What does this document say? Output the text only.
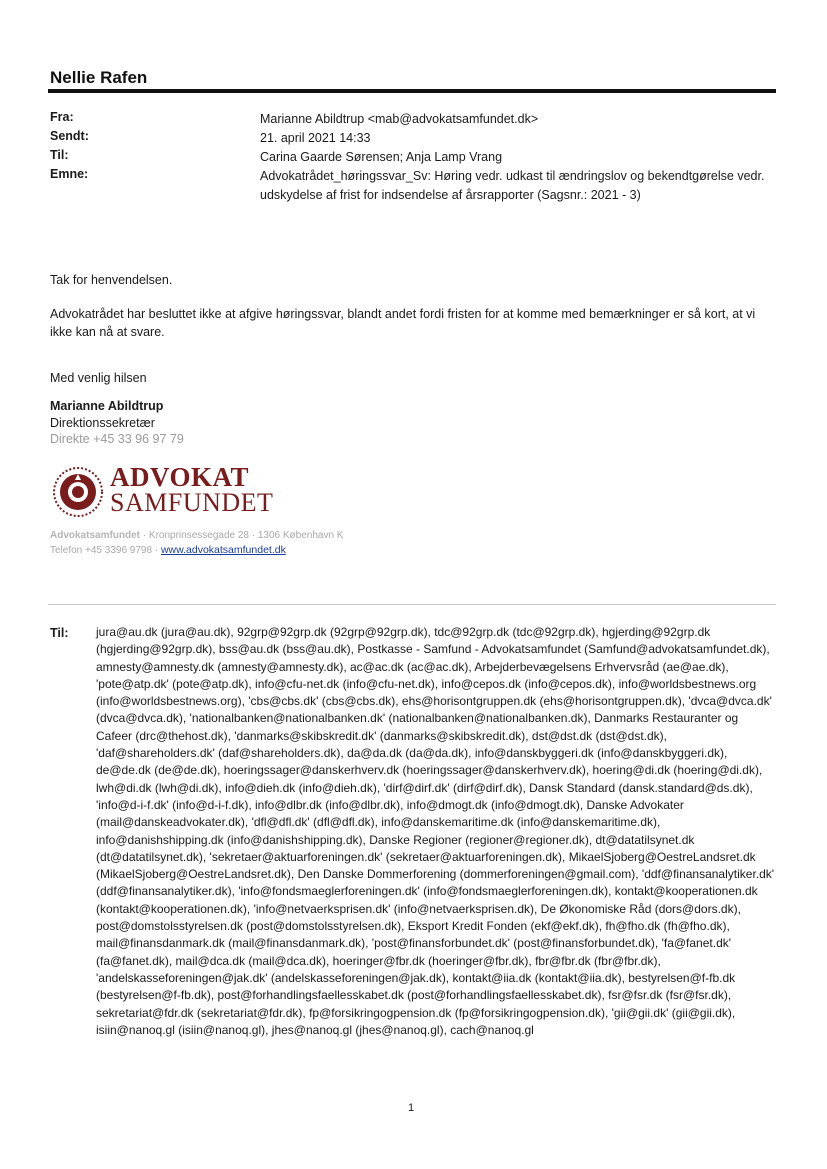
Nellie Rafen
Fra:	Marianne Abildtrup <mab@advokatsamfundet.dk>
Sendt:	21. april 2021 14:33
Til:	Carina Gaarde Sørensen; Anja Lamp Vrang
Emne:	Advokatrådet_høringssvar_Sv: Høring vedr. udkast til ændringslov og bekendtgørelse vedr. udskydelse af frist for indsendelse af årsrapporter (Sagsnr.: 2021 - 3)
Tak for henvendelsen.
Advokatrådet har besluttet ikke at afgive høringssvar, blandt andet fordi fristen for at komme med bemærkninger er så kort, at vi ikke kan nå at svare.
Med venlig hilsen
Marianne Abildtrup
Direktionssekretær
Direkte +45 33 96 97 79
ADVOKAT
SAMFUNDET
Advokatsamfundet · Kronprinsessegade 28 · 1306 København K
Telefon +45 3396 9798 · www.advokatsamfundet.dk
Til: jura@au.dk (jura@au.dk), 92grp@92grp.dk (92grp@92grp.dk), tdc@92grp.dk (tdc@92grp.dk), hgjerding@92grp.dk (hgjerding@92grp.dk), bss@au.dk (bss@au.dk), Postkasse - Samfund - Advokatsamfundet (Samfund@advokatsamfundet.dk), amnesty@amnesty.dk (amnesty@amnesty.dk), ac@ac.dk (ac@ac.dk), Arbejderbevægelsens Erhvervsråd (ae@ae.dk), 'pote@atp.dk' (pote@atp.dk), info@cfu-net.dk (info@cfu-net.dk), info@cepos.dk (info@cepos.dk), info@worldsbestnews.org (info@worldsbestnews.org), 'cbs@cbs.dk' (cbs@cbs.dk), ehs@horisontgruppen.dk (ehs@horisontgruppen.dk), 'dvca@dvca.dk' (dvca@dvca.dk), 'nationalbanken@nationalbanken.dk' (nationalbanken@nationalbanken.dk), Danmarks Restauranter og Cafeer (drc@thehost.dk), 'danmarks@skibskredit.dk' (danmarks@skibskredit.dk), dst@dst.dk (dst@dst.dk), 'daf@shareholders.dk' (daf@shareholders.dk), da@da.dk (da@da.dk), info@danskbyggeri.dk (info@danskbyggeri.dk), de@de.dk (de@de.dk), hoeringssager@danskerhverv.dk (hoeringssager@danskerhverv.dk), hoering@di.dk (hoering@di.dk), lwh@di.dk (lwh@di.dk), info@dieh.dk (info@dieh.dk), 'dirf@dirf.dk' (dirf@dirf.dk), Dansk Standard (dansk.standard@ds.dk), 'info@d-i-f.dk' (info@d-i-f.dk), info@dlbr.dk (info@dlbr.dk), info@dmogt.dk (info@dmogt.dk), Danske Advokater (mail@danskeadvokater.dk), 'dfl@dfl.dk' (dfl@dfl.dk), info@danskemaritime.dk (info@danskemaritime.dk), info@danishshipping.dk (info@danishshipping.dk), Danske Regioner (regioner@regioner.dk), dt@datatilsynet.dk (dt@datatilsynet.dk), 'sekretaer@aktuarforeningen.dk' (sekretaer@aktuarforeningen.dk), MikaelSjoberg@OestreLandsret.dk (MikaelSjoberg@OestreLandsret.dk), Den Danske Dommerforening (dommerforeningen@gmail.com), 'ddf@finansanalytiker.dk' (ddf@finansanalytiker.dk), 'info@fondsmaeglerforeningen.dk' (info@fondsmaeglerforeningen.dk), kontakt@kooperationen.dk (kontakt@kooperationen.dk), 'info@netvaerksprisen.dk' (info@netvaerksprisen.dk), De Økonomiske Råd (dors@dors.dk), post@domstolsstyrelsen.dk (post@domstolsstyrelsen.dk), Eksport Kredit Fonden (ekf@ekf.dk), fh@fho.dk (fh@fho.dk), mail@finansdanmark.dk (mail@finansdanmark.dk), 'post@finansforbundet.dk' (post@finansforbundet.dk), 'fa@fanet.dk' (fa@fanet.dk), mail@dca.dk (mail@dca.dk), hoeringer@fbr.dk (hoeringer@fbr.dk), fbr@fbr.dk (fbr@fbr.dk), 'andelskasseforeningen@jak.dk' (andelskasseforeningen@jak.dk), kontakt@iia.dk (kontakt@iia.dk), bestyrelsen@f-fb.dk (bestyrelsen@f-fb.dk), post@forhandlingsfaellesskabet.dk (post@forhandlingsfaellesskabet.dk), fsr@fsr.dk (fsr@fsr.dk), sekretariat@fdr.dk (sekretariat@fdr.dk), fp@forsikringogpension.dk (fp@forsikringogpension.dk), 'gii@gii.dk' (gii@gii.dk), isiin@nanoq.gl (isiin@nanoq.gl), jhes@nanoq.gl (jhes@nanoq.gl), cach@nanoq.gl
1
